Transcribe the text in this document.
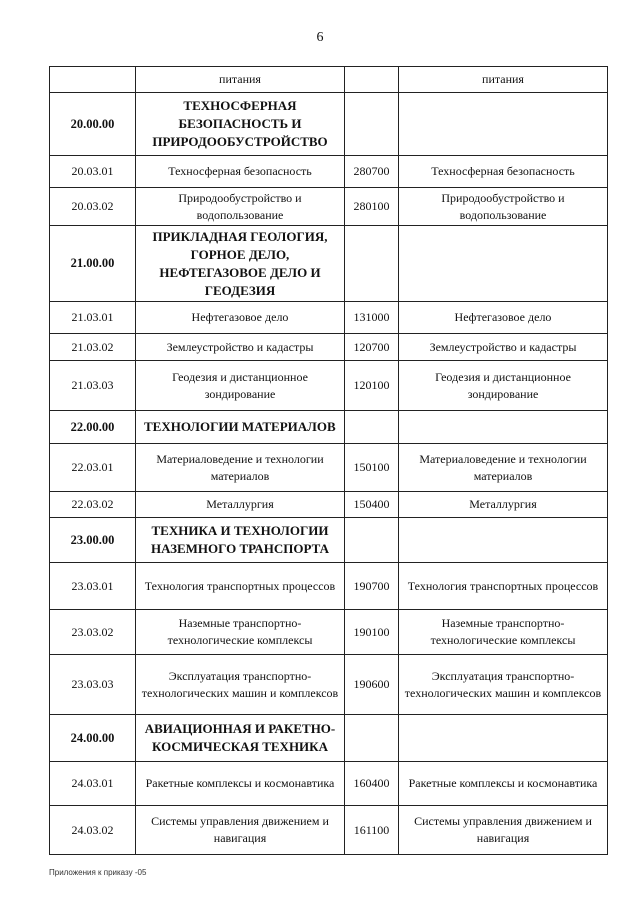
6
	питания		питания
20.00.00	ТЕХНОСФЕРНАЯ БЕЗОПАСНОСТЬ И ПРИРОДООБУСТРОЙСТВО		
20.03.01	Техносферная безопасность	280700	Техносферная безопасность
20.03.02	Природообустройство и водопользование	280100	Природообустройство и водопользование
21.00.00	ПРИКЛАДНАЯ ГЕОЛОГИЯ, ГОРНОЕ ДЕЛО, НЕФТЕГАЗОВОЕ ДЕЛО И ГЕОДЕЗИЯ		
21.03.01	Нефтегазовое дело	131000	Нефтегазовое дело
21.03.02	Землеустройство и кадастры	120700	Землеустройство и кадастры
21.03.03	Геодезия и дистанционное зондирование	120100	Геодезия и дистанционное зондирование
22.00.00	ТЕХНОЛОГИИ МАТЕРИАЛОВ		
22.03.01	Материаловедение и технологии материалов	150100	Материаловедение и технологии материалов
22.03.02	Металлургия	150400	Металлургия
23.00.00	ТЕХНИКА И ТЕХНОЛОГИИ НАЗЕМНОГО ТРАНСПОРТА		
23.03.01	Технология транспортных процессов	190700	Технология транспортных процессов
23.03.02	Наземные транспортно-технологические комплексы	190100	Наземные транспортно-технологические комплексы
23.03.03	Эксплуатация транспортно-технологических машин и комплексов	190600	Эксплуатация транспортно-технологических машин и комплексов
24.00.00	АВИАЦИОННАЯ И РАКЕТНО-КОСМИЧЕСКАЯ ТЕХНИКА		
24.03.01	Ракетные комплексы и космонавтика	160400	Ракетные комплексы и космонавтика
24.03.02	Системы управления движением и навигация	161100	Системы управления движением и навигация
Приложения к приказу -05
